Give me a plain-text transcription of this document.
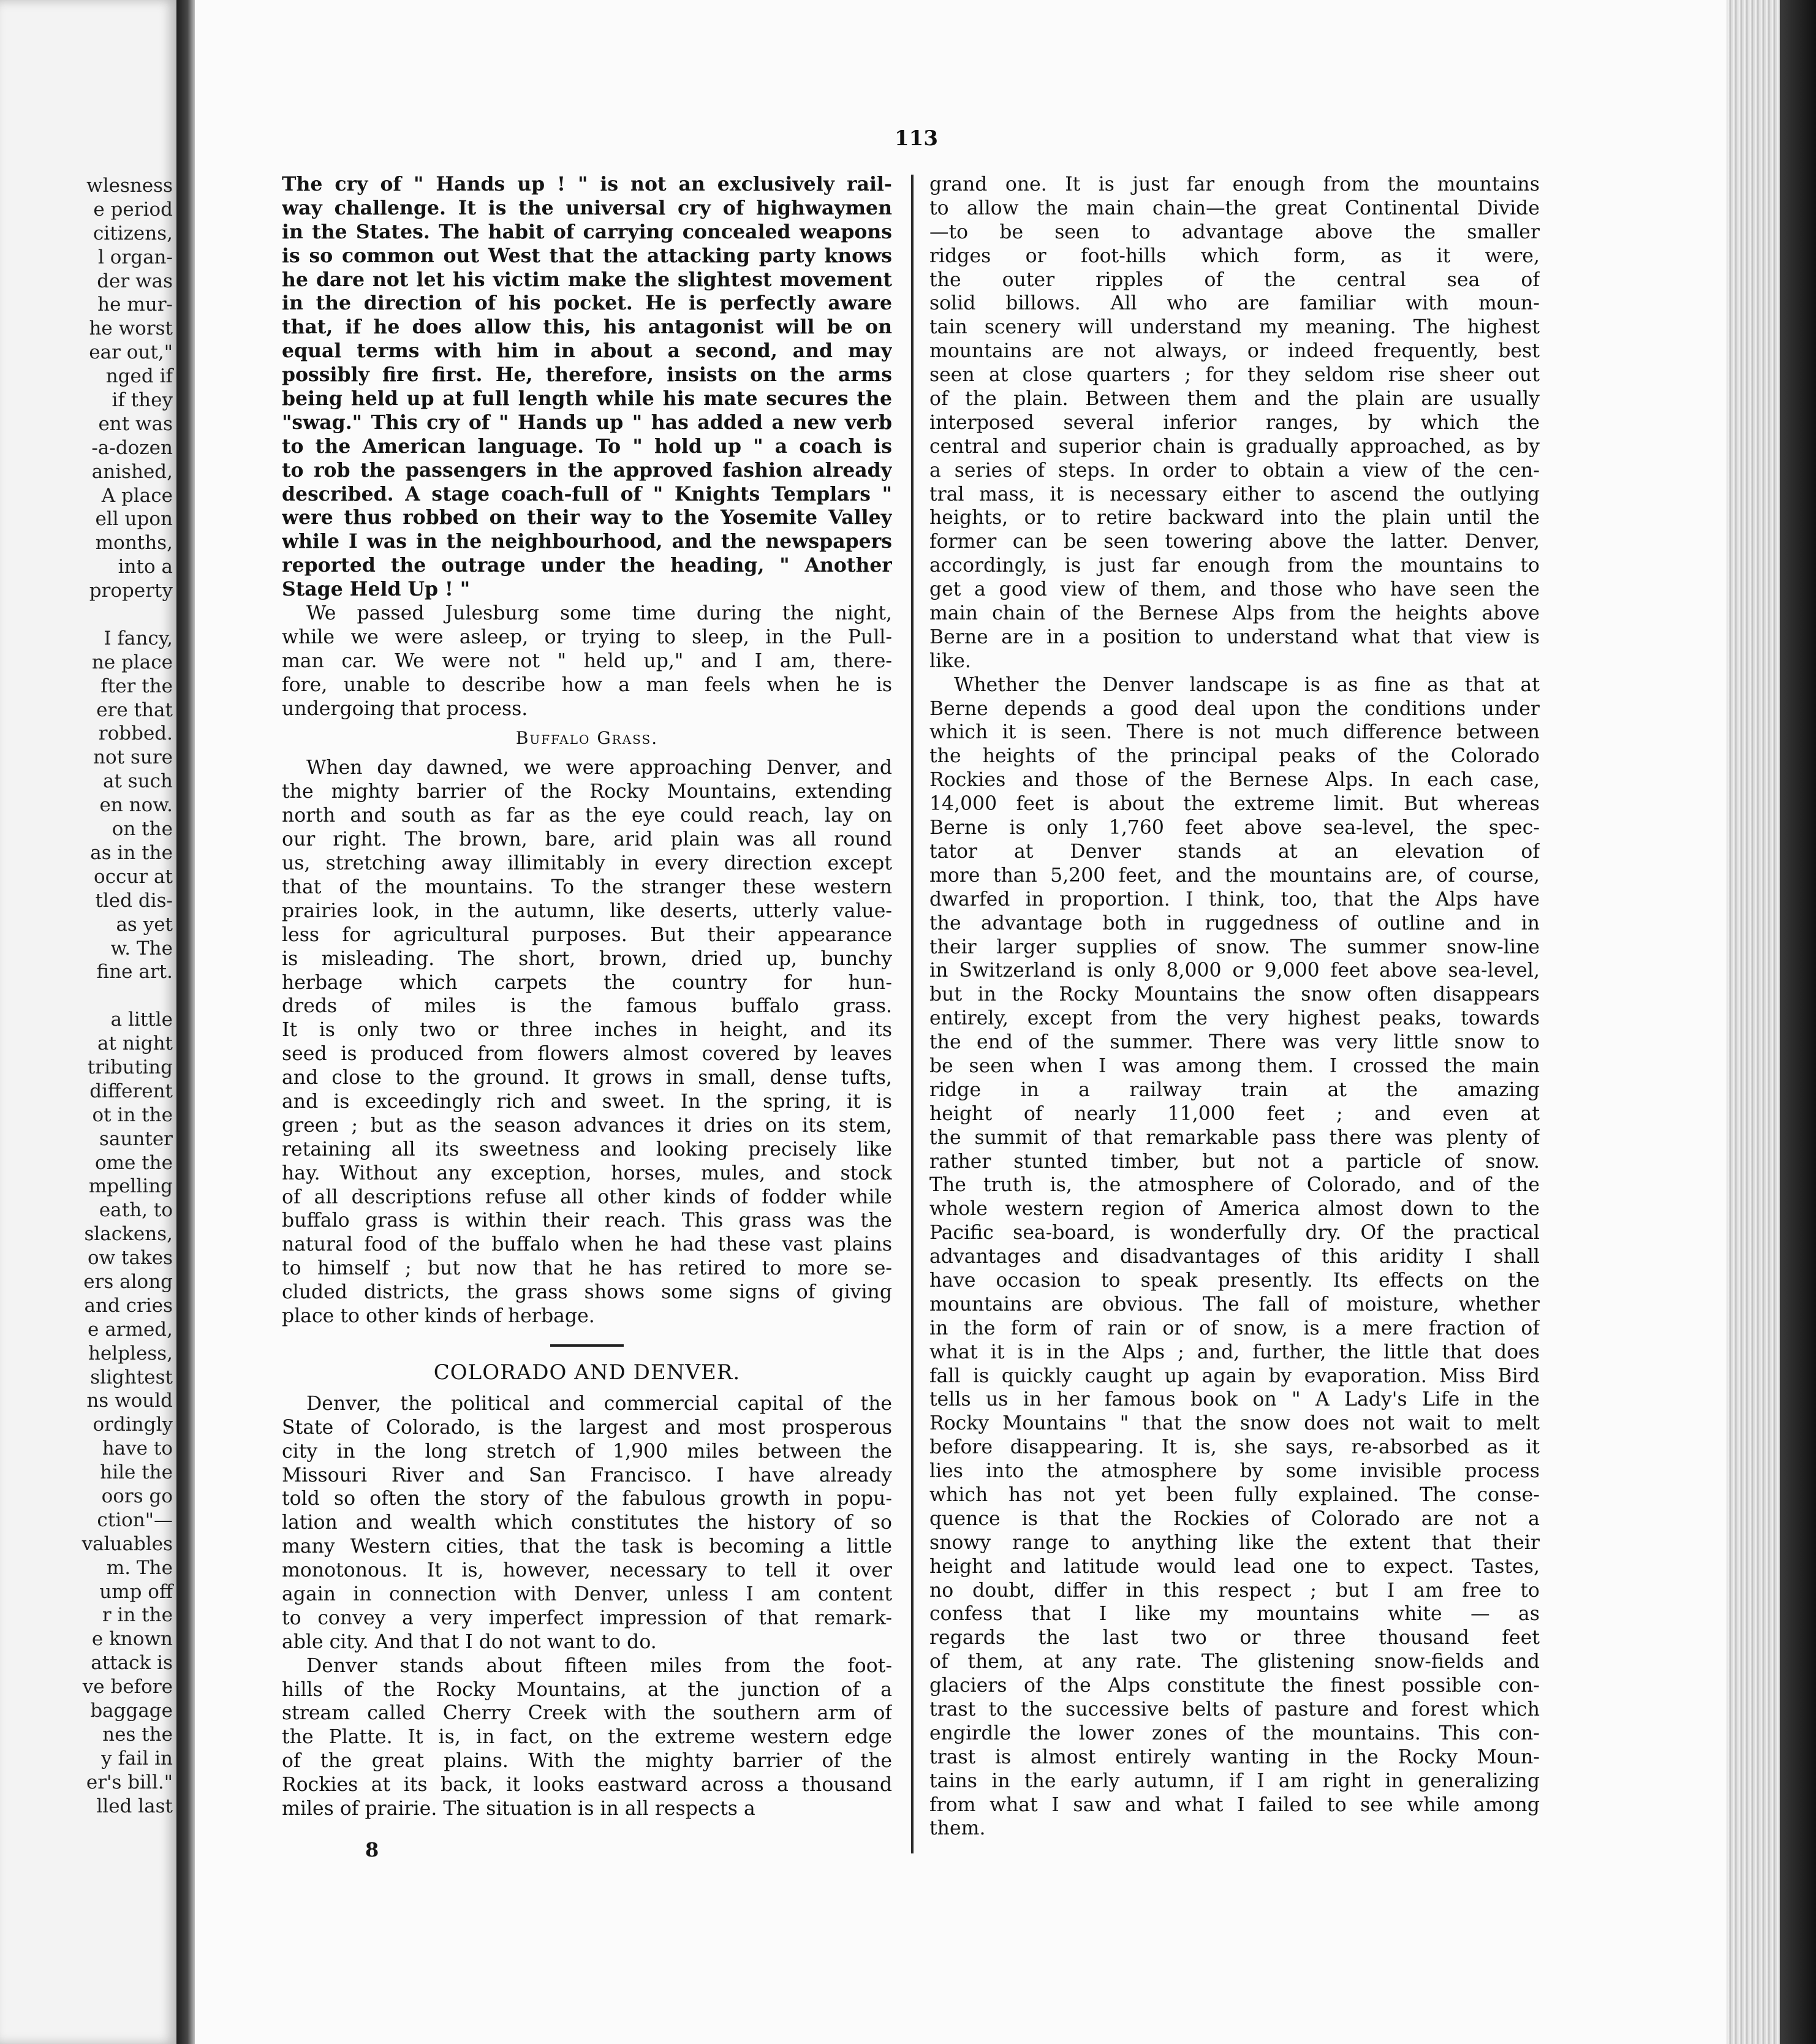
wlesness
e period
citizens,
l organ-
der was
he mur-
he worst
ear out,"
nged if
if they
ent was
-a-dozen
anished,
A place
ell upon
months,
into a
property
I fancy,
ne place
fter the
ere that
robbed.
not sure
at such
en now.
on the
as in the
occur at
tled dis-
as yet
w. The
fine art.
a little
at night
tributing
different
ot in the
saunter
ome the
mpelling
eath, to
slackens,
ow takes
ers along
and cries
e armed,
helpless,
slightest
ns would
ordingly
have to
hile the
oors go
ction"—
valuables
m. The
ump off
r in the
e known
attack is
ve before
baggage
nes the
y fail in
er's bill."
lled last
113
The cry of " Hands up ! " is not an exclusively rail-
way challenge. It is the universal cry of highwaymen
in the States. The habit of carrying concealed weapons
is so common out West that the attacking party knows
he dare not let his victim make the slightest movement
in the direction of his pocket. He is perfectly aware
that, if he does allow this, his antagonist will be on
equal terms with him in about a second, and may
possibly fire first. He, therefore, insists on the arms
being held up at full length while his mate secures the
"swag." This cry of " Hands up " has added a new verb
to the American language. To " hold up " a coach is
to rob the passengers in the approved fashion already
described. A stage coach-full of " Knights Templars "
were thus robbed on their way to the Yosemite Valley
while I was in the neighbourhood, and the newspapers
reported the outrage under the heading, " Another
Stage Held Up ! "
We passed Julesburg some time during the night,
while we were asleep, or trying to sleep, in the Pull-
man car. We were not " held up," and I am, there-
fore, unable to describe how a man feels when he is
undergoing that process.
Buffalo Grass.
When day dawned, we were approaching Denver, and
the mighty barrier of the Rocky Mountains, extending
north and south as far as the eye could reach, lay on
our right. The brown, bare, arid plain was all round
us, stretching away illimitably in every direction except
that of the mountains. To the stranger these western
prairies look, in the autumn, like deserts, utterly value-
less for agricultural purposes. But their appearance
is misleading. The short, brown, dried up, bunchy
herbage which carpets the country for hun-
dreds of miles is the famous buffalo grass.
It is only two or three inches in height, and its
seed is produced from flowers almost covered by leaves
and close to the ground. It grows in small, dense tufts,
and is exceedingly rich and sweet. In the spring, it is
green ; but as the season advances it dries on its stem,
retaining all its sweetness and looking precisely like
hay. Without any exception, horses, mules, and stock
of all descriptions refuse all other kinds of fodder while
buffalo grass is within their reach. This grass was the
natural food of the buffalo when he had these vast plains
to himself ; but now that he has retired to more se-
cluded districts, the grass shows some signs of giving
place to other kinds of herbage.
COLORADO AND DENVER.
Denver, the political and commercial capital of the
State of Colorado, is the largest and most prosperous
city in the long stretch of 1,900 miles between the
Missouri River and San Francisco. I have already
told so often the story of the fabulous growth in popu-
lation and wealth which constitutes the history of so
many Western cities, that the task is becoming a little
monotonous. It is, however, necessary to tell it over
again in connection with Denver, unless I am content
to convey a very imperfect impression of that remark-
able city. And that I do not want to do.
Denver stands about fifteen miles from the foot-
hills of the Rocky Mountains, at the junction of a
stream called Cherry Creek with the southern arm of
the Platte. It is, in fact, on the extreme western edge
of the great plains. With the mighty barrier of the
Rockies at its back, it looks eastward across a thousand
miles of prairie. The situation is in all respects a
grand one. It is just far enough from the mountains
to allow the main chain—the great Continental Divide
—to be seen to advantage above the smaller
ridges or foot-hills which form, as it were,
the outer ripples of the central sea of
solid billows. All who are familiar with moun-
tain scenery will understand my meaning. The highest
mountains are not always, or indeed frequently, best
seen at close quarters ; for they seldom rise sheer out
of the plain. Between them and the plain are usually
interposed several inferior ranges, by which the
central and superior chain is gradually approached, as by
a series of steps. In order to obtain a view of the cen-
tral mass, it is necessary either to ascend the outlying
heights, or to retire backward into the plain until the
former can be seen towering above the latter. Denver,
accordingly, is just far enough from the mountains to
get a good view of them, and those who have seen the
main chain of the Bernese Alps from the heights above
Berne are in a position to understand what that view is
like.
Whether the Denver landscape is as fine as that at
Berne depends a good deal upon the conditions under
which it is seen. There is not much difference between
the heights of the principal peaks of the Colorado
Rockies and those of the Bernese Alps. In each case,
14,000 feet is about the extreme limit. But whereas
Berne is only 1,760 feet above sea-level, the spec-
tator at Denver stands at an elevation of
more than 5,200 feet, and the mountains are, of course,
dwarfed in proportion. I think, too, that the Alps have
the advantage both in ruggedness of outline and in
their larger supplies of snow. The summer snow-line
in Switzerland is only 8,000 or 9,000 feet above sea-level,
but in the Rocky Mountains the snow often disappears
entirely, except from the very highest peaks, towards
the end of the summer. There was very little snow to
be seen when I was among them. I crossed the main
ridge in a railway train at the amazing
height of nearly 11,000 feet ; and even at
the summit of that remarkable pass there was plenty of
rather stunted timber, but not a particle of snow.
The truth is, the atmosphere of Colorado, and of the
whole western region of America almost down to the
Pacific sea-board, is wonderfully dry. Of the practical
advantages and disadvantages of this aridity I shall
have occasion to speak presently. Its effects on the
mountains are obvious. The fall of moisture, whether
in the form of rain or of snow, is a mere fraction of
what it is in the Alps ; and, further, the little that does
fall is quickly caught up again by evaporation. Miss Bird
tells us in her famous book on " A Lady's Life in the
Rocky Mountains " that the snow does not wait to melt
before disappearing. It is, she says, re-absorbed as it
lies into the atmosphere by some invisible process
which has not yet been fully explained. The conse-
quence is that the Rockies of Colorado are not a
snowy range to anything like the extent that their
height and latitude would lead one to expect. Tastes,
no doubt, differ in this respect ; but I am free to
confess that I like my mountains white — as
regards the last two or three thousand feet
of them, at any rate. The glistening snow-fields and
glaciers of the Alps constitute the finest possible con-
trast to the successive belts of pasture and forest which
engirdle the lower zones of the mountains. This con-
trast is almost entirely wanting in the Rocky Moun-
tains in the early autumn, if I am right in generalizing
from what I saw and what I failed to see while among
them.
8
